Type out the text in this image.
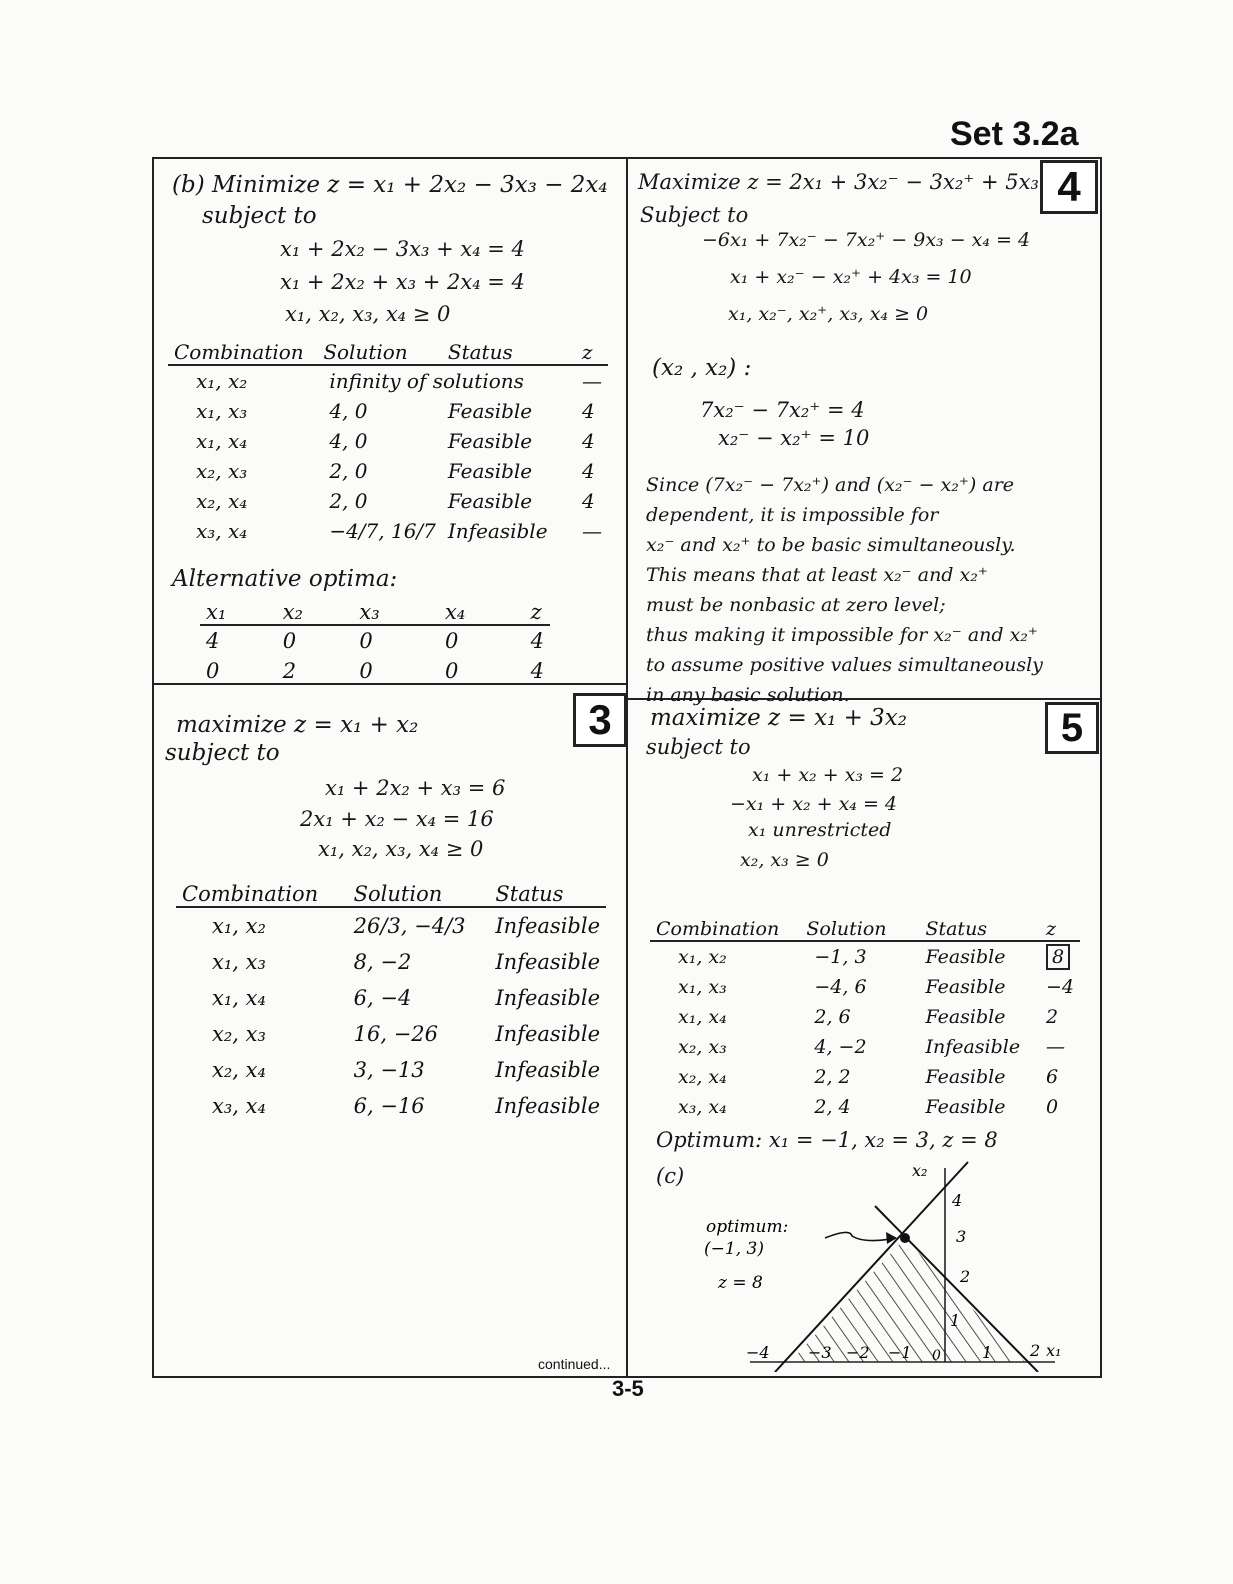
Set 3.2a
4
3	5
(b) Minimize z = x₁ + 2x₂ − 3x₃ − 2x₄
subject to
x₁ + 2x₂ − 3x₃ + x₄ = 4
x₁ + 2x₂ + x₃ + 2x₄ = 4
x₁, x₂, x₃, x₄ ≥ 0
Combination	Solution	Status	z
x₁, x₂	infinity of solutions		—
x₁, x₃	4, 0	Feasible	4
x₁, x₄	4, 0	Feasible	4
x₂, x₃	2, 0	Feasible	4
x₂, x₄	2, 0	Feasible	4
x₃, x₄	−4/7, 16/7	Infeasible	—
Alternative optima:
x₁	x₂	x₃	x₄	z
4	0	0	0	4
0	2	0	0	4
Maximize z = 2x₁ + 3x₂⁻ − 3x₂⁺ + 5x₃
Subject to
−6x₁ + 7x₂⁻ − 7x₂⁺ − 9x₃ − x₄ = 4
x₁ + x₂⁻ − x₂⁺ + 4x₃ = 10
x₁, x₂⁻, x₂⁺, x₃, x₄ ≥ 0
(x₂ , x₂) :
7x₂⁻ − 7x₂⁺ = 4
x₂⁻ − x₂⁺ = 10
Since (7x₂⁻ − 7x₂⁺) and (x₂⁻ − x₂⁺) are
dependent, it is impossible for
x₂⁻ and x₂⁺ to be basic simultaneously.
This means that at least x₂⁻ and x₂⁺
must be nonbasic at zero level;
thus making it impossible for x₂⁻ and x₂⁺
to assume positive values simultaneously
in any basic solution.
maximize z = x₁ + x₂
subject to
x₁ + 2x₂ + x₃ = 6
2x₁ + x₂ − x₄ = 16
x₁, x₂, x₃, x₄ ≥ 0
Combination	Solution	Status
x₁, x₂	26/3, −4/3	Infeasible
x₁, x₃	8, −2	Infeasible
x₁, x₄	6, −4	Infeasible
x₂, x₃	16, −26	Infeasible
x₂, x₄	3, −13	Infeasible
x₃, x₄	6, −16	Infeasible
maximize z = x₁ + 3x₂
subject to
x₁ + x₂ + x₃ = 2
−x₁ + x₂ + x₄ = 4
x₁ unrestricted
x₂, x₃ ≥ 0
Combination	Solution	Status	z
x₁, x₂	−1, 3	Feasible	8
x₁, x₃	−4, 6	Feasible	−4
x₁, x₄	2, 6	Feasible	2
x₂, x₃	4, −2	Infeasible	—
x₂, x₄	2, 2	Feasible	6
x₃, x₄	2, 4	Feasible	0
Optimum: x₁ = −1, x₂ = 3, z = 8
(c)	x₂
x₁
4
3
2
1
−4 −3 −2 −1 0	1 2
optimum:
(−1, 3)
z = 8
continued...
3-5
